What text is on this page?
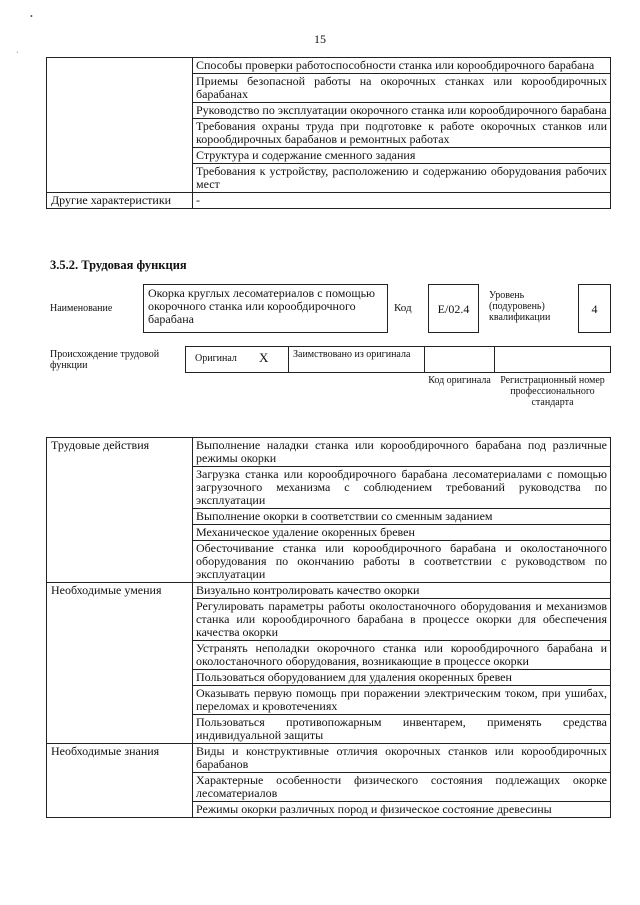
•
ˎ
15
	Способы проверки работоспособности станка или корообдирочного барабана
	Приемы безопасной работы на окорочных станках или корообдирочных барабанах
	Руководство по эксплуатации окорочного станка или корообдирочного барабана
	Требования охраны труда при подготовке к работе окорочных станков или корообдирочных барабанов и ремонтных работах
	Структура и содержание сменного задания
	Требования к устройству, расположению и содержанию оборудования рабочих мест
Другие характеристики	-
3.5.2. Трудовая функция
Наименование
Окорка круглых лесоматериалов с помощью окорочного станка или корообдирочного барабана
Код	E/02.4
Уровень (подуровень) квалификации
4
Происхождение трудовой функции
Оригинал X	Заимствовано из оригинала
Код оригинала Регистрационный номер профессионального стандарта
Трудовые действия	Выполнение наладки станка или корообдирочного барабана под различные режимы окорки
	Загрузка станка или корообдирочного барабана лесоматериалами с помощью загрузочного механизма с соблюдением требований руководства по эксплуатации
	Выполнение окорки в соответствии со сменным заданием
	Механическое удаление окоренных бревен
	Обесточивание станка или корообдирочного барабана и околостаночного оборудования по окончанию работы в соответствии с руководством по эксплуатации
Необходимые умения	Визуально контролировать качество окорки
	Регулировать параметры работы околостаночного оборудования и механизмов станка или корообдирочного барабана в процессе окорки для обеспечения качества окорки
	Устранять неполадки окорочного станка или корообдирочного барабана и околостаночного оборудования, возникающие в процессе окорки
	Пользоваться оборудованием для удаления окоренных бревен
	Оказывать первую помощь при поражении электрическим током, при ушибах, переломах и кровотечениях
	Пользоваться противопожарным инвентарем, применять средства индивидуальной защиты
Необходимые знания	Виды и конструктивные отличия окорочных станков или корообдирочных барабанов
	Характерные особенности физического состояния подлежащих окорке лесоматериалов
	Режимы окорки различных пород и физическое состояние древесины
